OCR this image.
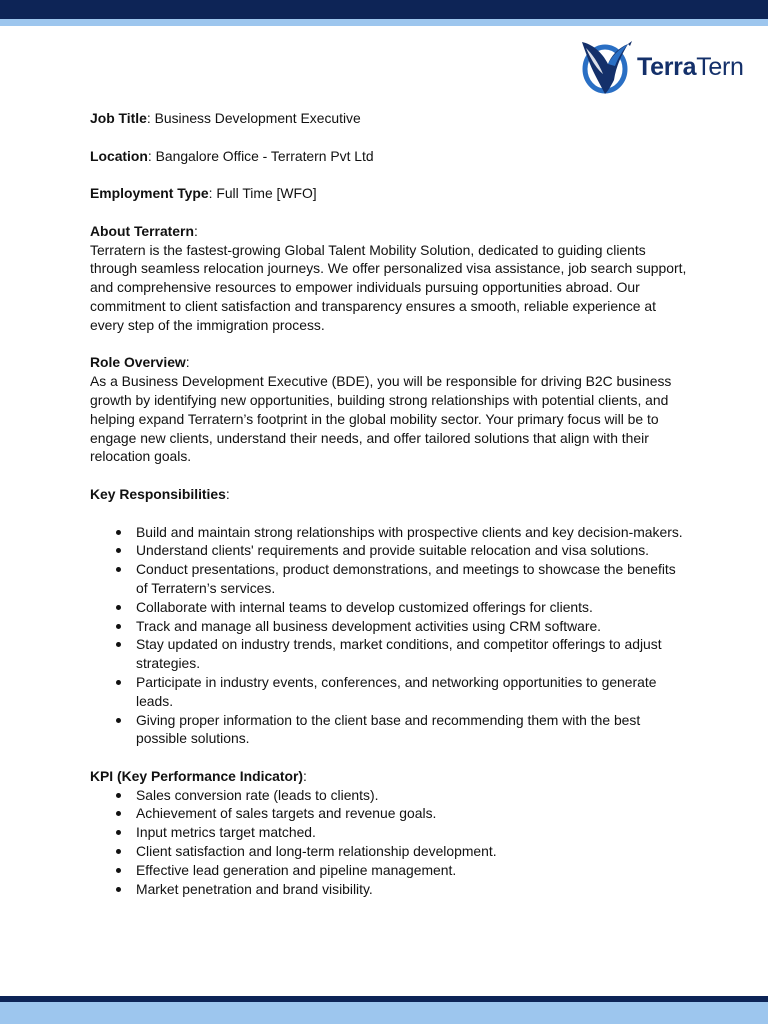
TerraTern

Job Title: Business Development Executive

Location: Bangalore Office - Terratern Pvt Ltd

Employment Type: Full Time [WFO]

About Terratern:

Terratern is the fastest-growing Global Talent Mobility Solution, dedicated to guiding clients through seamless relocation journeys. We offer personalized visa assistance, job search support, and comprehensive resources to empower individuals pursuing opportunities abroad. Our commitment to client satisfaction and transparency ensures a smooth, reliable experience at every step of the immigration process.

Role Overview:

As a Business Development Executive (BDE), you will be responsible for driving B2C business growth by identifying new opportunities, building strong relationships with potential clients, and helping expand Terratern’s footprint in the global mobility sector. Your primary focus will be to engage new clients, understand their needs, and offer tailored solutions that align with their relocation goals.

Key Responsibilities:

Build and maintain strong relationships with prospective clients and key decision-makers.
Understand clients' requirements and provide suitable relocation and visa solutions.
Conduct presentations, product demonstrations, and meetings to showcase the benefits of Terratern’s services.
Collaborate with internal teams to develop customized offerings for clients.
Track and manage all business development activities using CRM software.
Stay updated on industry trends, market conditions, and competitor offerings to adjust strategies.
Participate in industry events, conferences, and networking opportunities to generate leads.
Giving proper information to the client base and recommending them with the best possible solutions.

KPI (Key Performance Indicator):

Sales conversion rate (leads to clients).
Achievement of sales targets and revenue goals.
Input metrics target matched.
Client satisfaction and long-term relationship development.
Effective lead generation and pipeline management.
Market penetration and brand visibility.
